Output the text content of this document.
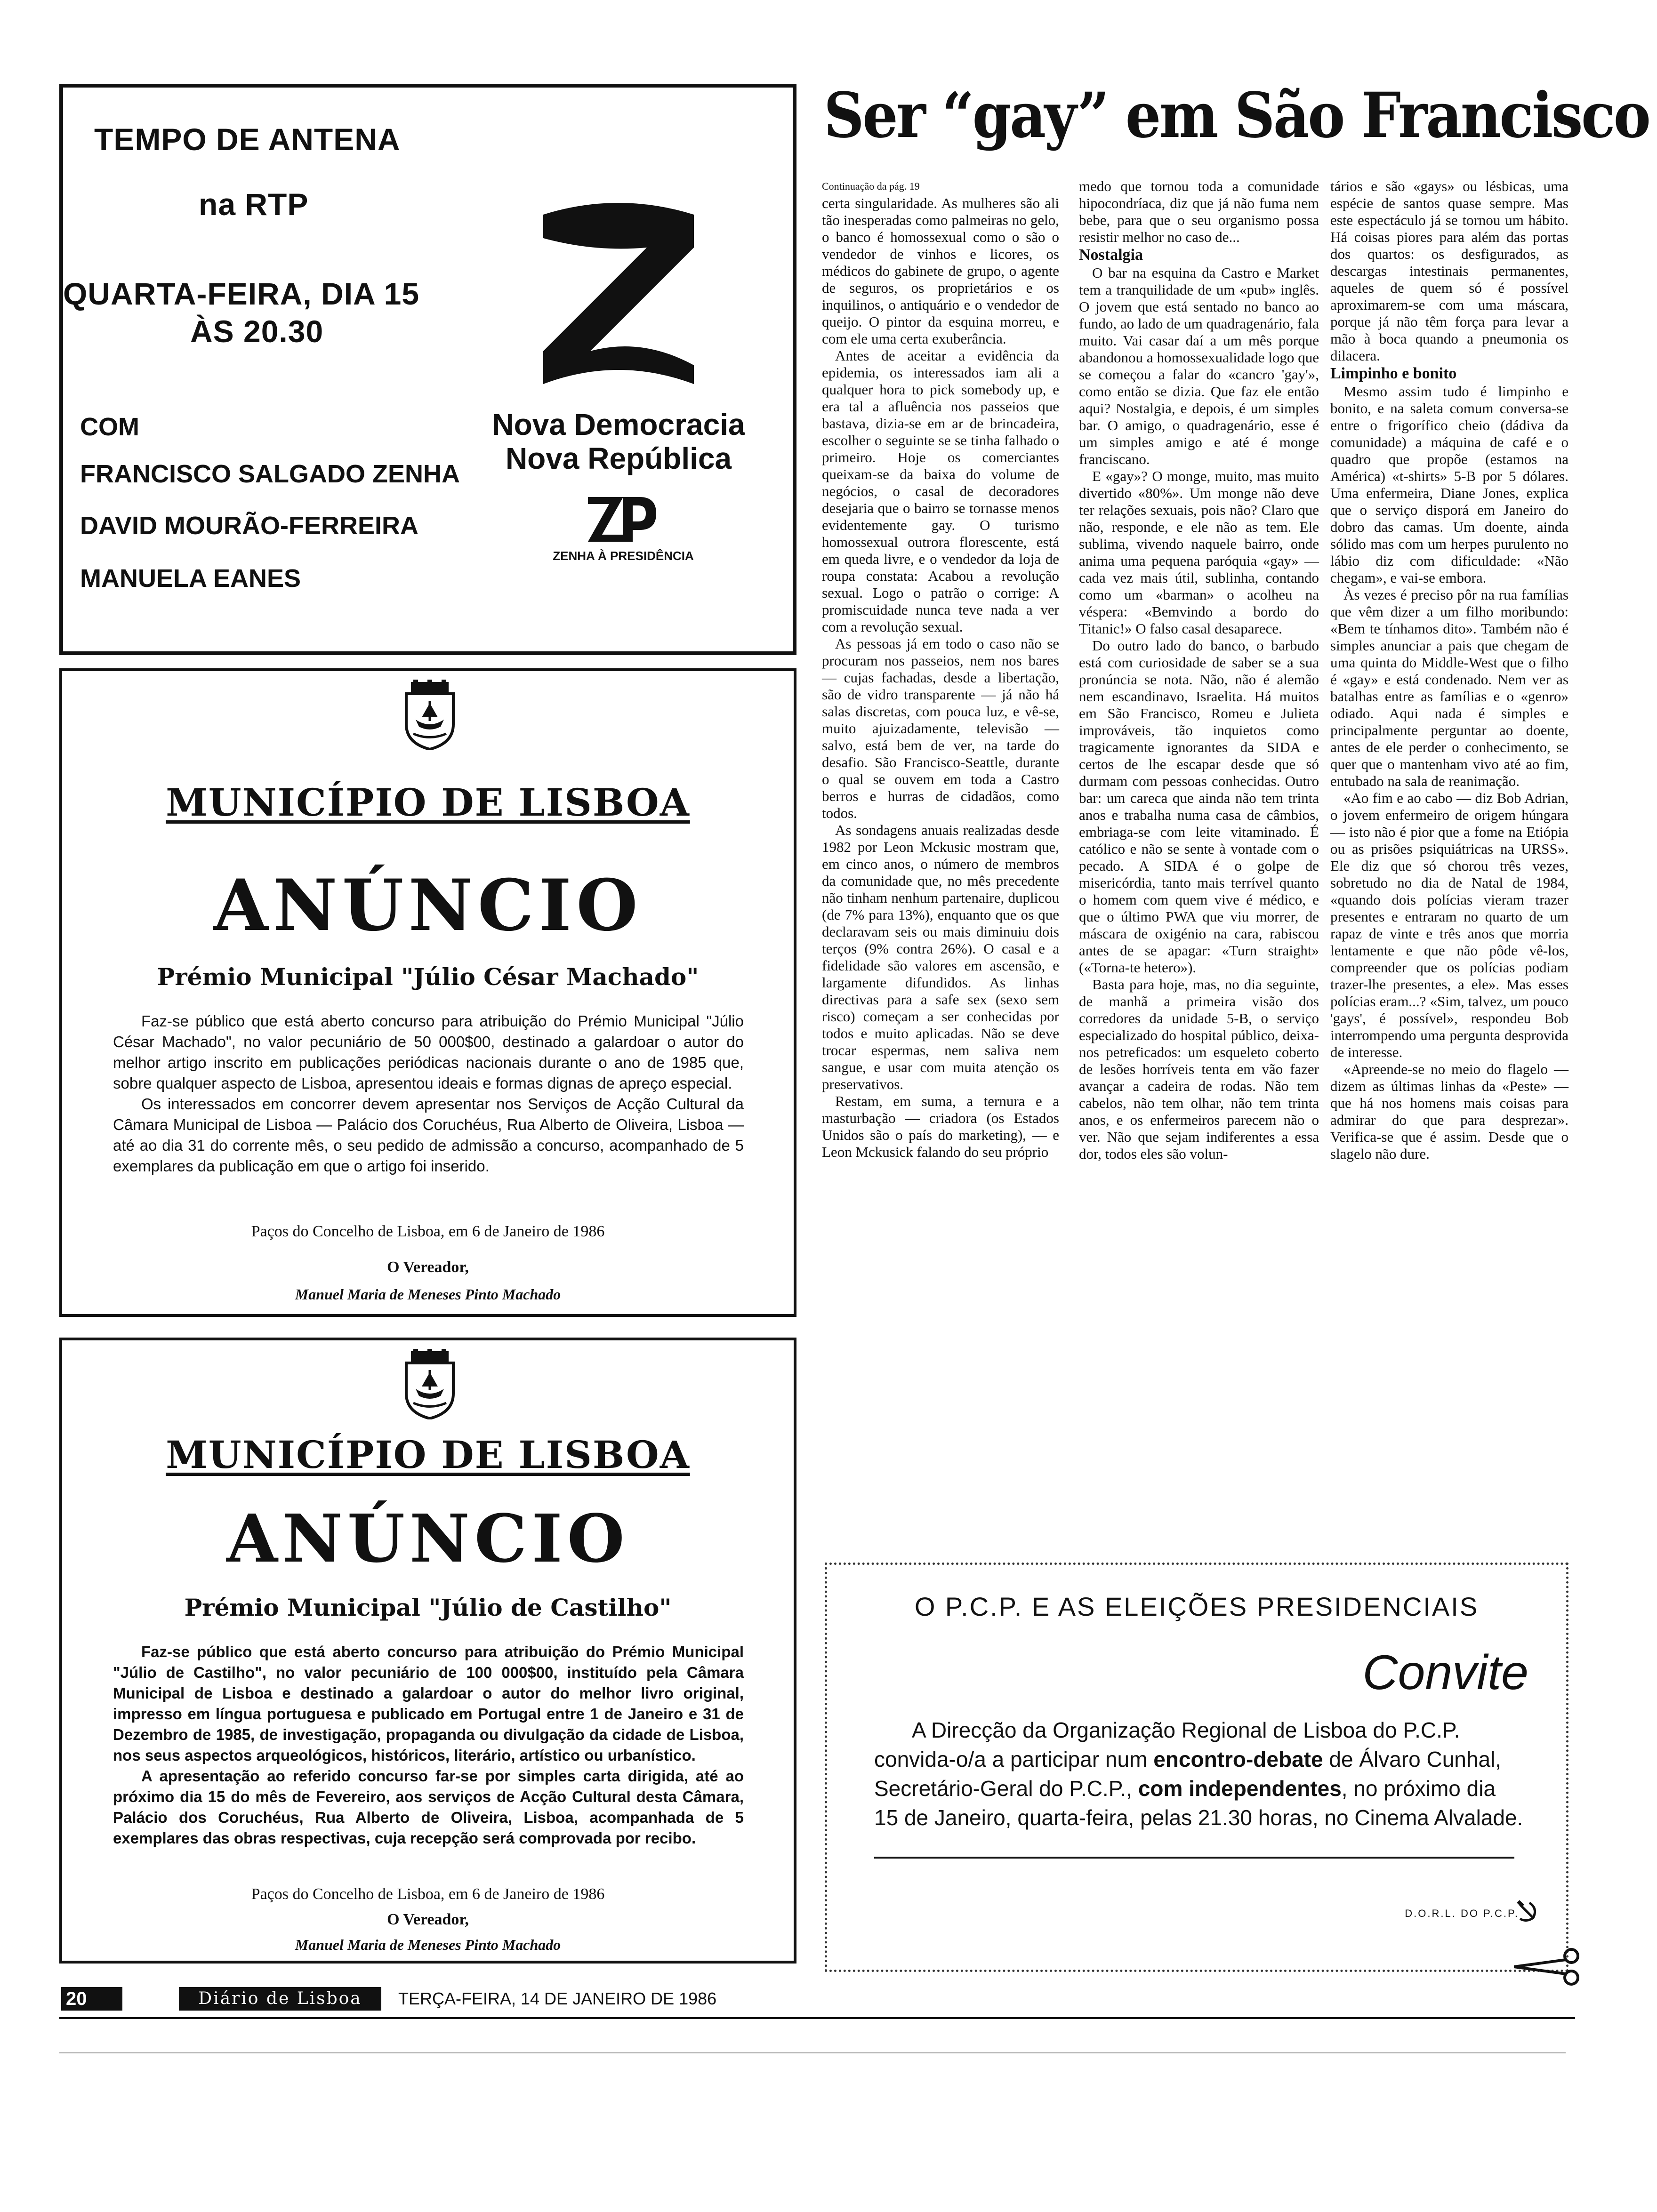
TEMPO DE ANTENA
na RTP
QUARTA-FEIRA, DIA 15
ÀS 20.30
COM
FRANCISCO SALGADO ZENHA
DAVID MOURÃO-FERREIRA
MANUELA EANES
Nova Democracia
Nova República
ZENHA À PRESIDÊNCIA
MUNICÍPIO DE LISBOA
ANÚNCIO
Prémio Municipal "Júlio César Machado"

Faz-se público que está aberto concurso para atribuição do Prémio Municipal "Júlio César Machado", no valor pecuniário de 50 000$00, destinado a galardoar o autor do melhor artigo inscrito em publicações periódicas nacionais durante o ano de 1985 que, sobre qualquer aspecto de Lisboa, apresentou ideais e formas dignas de apreço especial.

Os interessados em concorrer devem apresentar nos Serviços de Acção Cultural da Câmara Municipal de Lisboa — Palácio dos Coruchéus, Rua Alberto de Oliveira, Lisboa — até ao dia 31 do corrente mês, o seu pedido de admissão a concurso, acompanhado de 5 exemplares da publicação em que o artigo foi inserido.

Paços do Concelho de Lisboa, em 6 de Janeiro de 1986
O Vereador,
Manuel Maria de Meneses Pinto Machado
MUNICÍPIO DE LISBOA
ANÚNCIO
Prémio Municipal "Júlio de Castilho"

Faz-se público que está aberto concurso para atribuição do Prémio Municipal "Júlio de Castilho", no valor pecuniário de 100 000$00, instituído pela Câmara Municipal de Lisboa e destinado a galardoar o autor do melhor livro original, impresso em língua portuguesa e publicado em Portugal entre 1 de Janeiro e 31 de Dezembro de 1985, de investigação, propaganda ou divulgação da cidade de Lisboa, nos seus aspectos arqueológicos, históricos, literário, artístico ou urbanístico.

A apresentação ao referido concurso far-se por simples carta dirigida, até ao próximo dia 15 do mês de Fevereiro, aos serviços de Acção Cultural desta Câmara, Palácio dos Coruchéus, Rua Alberto de Oliveira, Lisboa, acompanhada de 5 exemplares das obras respectivas, cuja recepção será comprovada por recibo.

Paços do Concelho de Lisboa, em 6 de Janeiro de 1986
O Vereador,
Manuel Maria de Meneses Pinto Machado
Ser “gay” em São Francisco
Continuação da pág. 19

certa singularidade. As mulheres são ali tão inesperadas como palmeiras no gelo, o banco é homossexual como o são o vendedor de vinhos e licores, os médicos do gabinete de grupo, o agente de seguros, os proprietários e os inquilinos, o antiquário e o vendedor de queijo. O pintor da esquina morreu, e com ele uma certa exuberância.

Antes de aceitar a evidência da epidemia, os interessados iam ali a qualquer hora to pick somebody up, e era tal a afluência nos passeios que bastava, dizia-se em ar de brincadeira, escolher o seguinte se se tinha falhado o primeiro. Hoje os comerciantes queixam-se da baixa do volume de negócios, o casal de decoradores desejaria que o bairro se tornasse menos evidentemente gay. O turismo homossexual outrora florescente, está em queda livre, e o vendedor da loja de roupa constata: Acabou a revolução sexual. Logo o patrão o corrige: A promiscuidade nunca teve nada a ver com a revolução sexual.

As pessoas já em todo o caso não se procuram nos passeios, nem nos bares — cujas fachadas, desde a libertação, são de vidro transparente — já não há salas discretas, com pouca luz, e vê-se, muito ajuizadamente, televisão — salvo, está bem de ver, na tarde do desafio. São Francisco-Seattle, durante o qual se ouvem em toda a Castro berros e hurras de cidadãos, como todos.

As sondagens anuais realizadas desde 1982 por Leon Mckusic mostram que, em cinco anos, o número de membros da comunidade que, no mês precedente não tinham nenhum partenaire, duplicou (de 7% para 13%), enquanto que os que declaravam seis ou mais diminuiu dois terços (9% contra 26%). O casal e a fidelidade são valores em ascensão, e largamente difundidos. As linhas directivas para a safe sex (sexo sem risco) começam a ser conhecidas por todos e muito aplicadas. Não se deve trocar espermas, nem saliva nem sangue, e usar com muita atenção os preservativos.

Restam, em suma, a ternura e a masturbação — criadora (os Estados Unidos são o país do marketing), — e Leon Mckusick falando do seu próprio

medo que tornou toda a comunidade hipocondríaca, diz que já não fuma nem bebe, para que o seu organismo possa resistir melhor no caso de...

Nostalgia

O bar na esquina da Castro e Market tem a tranquilidade de um «pub» inglês. O jovem que está sentado no banco ao fundo, ao lado de um quadragenário, fala muito. Vai casar daí a um mês porque abandonou a homossexualidade logo que se começou a falar do «cancro 'gay'», como então se dizia. Que faz ele então aqui? Nostalgia, e depois, é um simples bar. O amigo, o quadragenário, esse é um simples amigo e até é monge franciscano.

E «gay»? O monge, muito, mas muito divertido «80%». Um monge não deve ter relações sexuais, pois não? Claro que não, responde, e ele não as tem. Ele sublima, vivendo naquele bairro, onde anima uma pequena paróquia «gay» — cada vez mais útil, sublinha, contando como um «barman» o acolheu na véspera: «Bemvindo a bordo do Titanic!» O falso casal desaparece.

Do outro lado do banco, o barbudo está com curiosidade de saber se a sua pronúncia se nota. Não, não é alemão nem escandinavo, Israelita. Há muitos em São Francisco, Romeu e Julieta improváveis, tão inquietos como tragicamente ignorantes da SIDA e certos de lhe escapar desde que só durmam com pessoas conhecidas. Outro bar: um careca que ainda não tem trinta anos e trabalha numa casa de câmbios, embriaga-se com leite vitaminado. É católico e não se sente à vontade com o pecado. A SIDA é o golpe de misericórdia, tanto mais terrível quanto o homem com quem vive é médico, e que o último PWA que viu morrer, de máscara de oxigénio na cara, rabiscou antes de se apagar: «Turn straight» («Torna-te hetero»).

Basta para hoje, mas, no dia seguinte, de manhã a primeira visão dos corredores da unidade 5-B, o serviço especializado do hospital público, deixa-nos petreficados: um esqueleto coberto de lesões horríveis tenta em vão fazer avançar a cadeira de rodas. Não tem cabelos, não tem olhar, não tem trinta anos, e os enfermeiros parecem não o ver. Não que sejam indiferentes a essa dor, todos eles são volun-

tários e são «gays» ou lésbicas, uma espécie de santos quase sempre. Mas este espectáculo já se tornou um hábito. Há coisas piores para além das portas dos quartos: os desfigurados, as descargas intestinais permanentes, aqueles de quem só é possível aproximarem-se com uma máscara, porque já não têm força para levar a mão à boca quando a pneumonia os dilacera.

Limpinho e bonito

Mesmo assim tudo é limpinho e bonito, e na saleta comum conversa-se entre o frigorífico cheio (dádiva da comunidade) a máquina de café e o quadro que propõe (estamos na América) «t-shirts» 5-B por 5 dólares. Uma enfermeira, Diane Jones, explica que o serviço disporá em Janeiro do dobro das camas. Um doente, ainda sólido mas com um herpes purulento no lábio diz com dificuldade: «Não chegam», e vai-se embora.

Às vezes é preciso pôr na rua famílias que vêm dizer a um filho moribundo: «Bem te tínhamos dito». Também não é simples anunciar a pais que chegam de uma quinta do Middle-West que o filho é «gay» e está condenado. Nem ver as batalhas entre as famílias e o «genro» odiado. Aqui nada é simples e principalmente perguntar ao doente, antes de ele perder o conhecimento, se quer que o mantenham vivo até ao fim, entubado na sala de reanimação.

«Ao fim e ao cabo — diz Bob Adrian, o jovem enfermeiro de origem húngara — isto não é pior que a fome na Etiópia ou as prisões psiquiátricas na URSS». Ele diz que só chorou três vezes, sobretudo no dia de Natal de 1984, «quando dois polícias vieram trazer presentes e entraram no quarto de um rapaz de vinte e três anos que morria lentamente e que não pôde vê-los, compreender que os polícias podiam trazer-lhe presentes, a ele». Mas esses polícias eram...? «Sim, talvez, um pouco 'gays', é possível», respondeu Bob interrompendo uma pergunta desprovida de interesse.

«Apreende-se no meio do flagelo — dizem as últimas linhas da «Peste» — que há nos homens mais coisas para admirar do que para desprezar». Verifica-se que é assim. Desde que o slagelo não dure.

O P.C.P. E AS ELEIÇÕES PRESIDENCIAIS
Convite
A Direcção da Organização Regional de Lisboa do P.C.P. convida-o/a a participar num encontro-debate de Álvaro Cunhal, Secretário-Geral do P.C.P., com independentes, no próximo dia 15 de Janeiro, quarta-feira, pelas 21.30 horas, no Cinema Alvalade.
D.O.R.L. DO P.C.P.
20	Diário de Lisboa	TERÇA-FEIRA, 14 DE JANEIRO DE 1986
